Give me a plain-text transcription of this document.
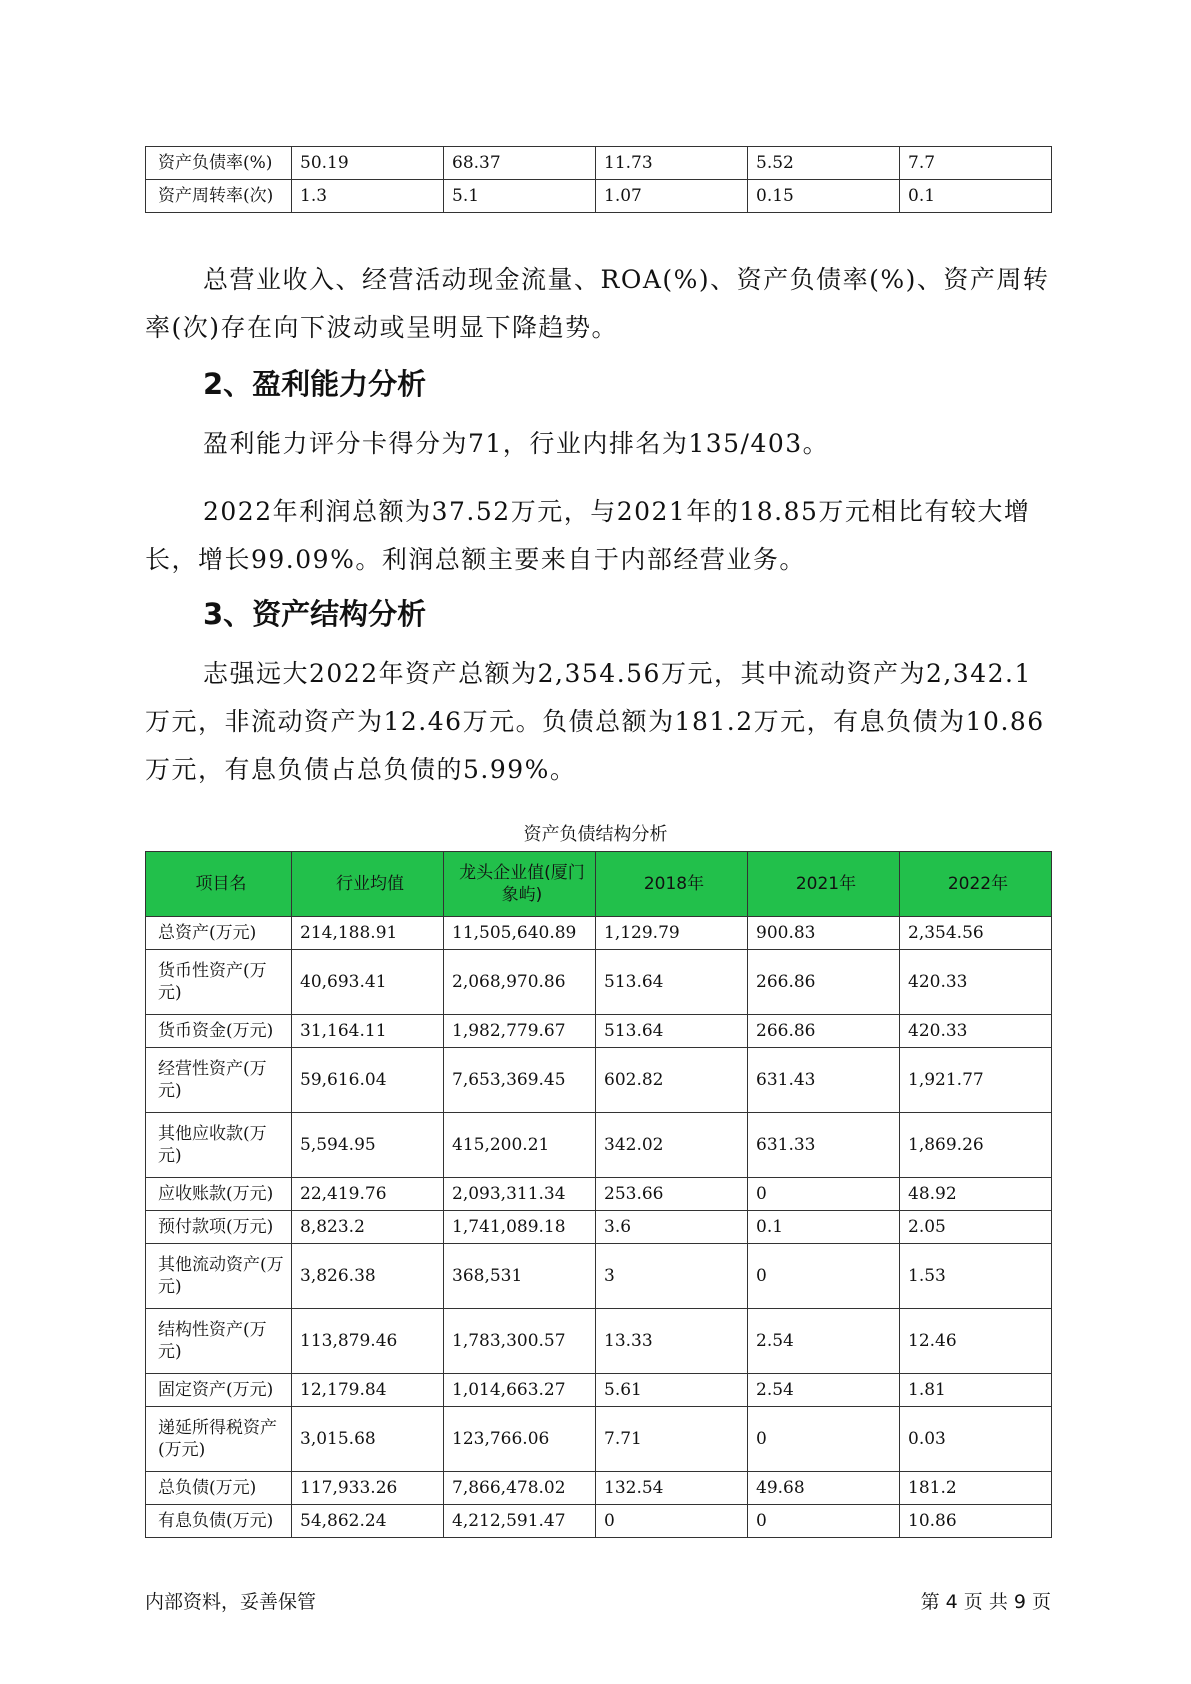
资产负债率(%)	50.19	68.37	11.73	5.52	7.7
资产周转率(次)	1.3	5.1	1.07	0.15	0.1

总营业收入、经营活动现金流量、ROA(%)、资产负债率(%)、资产周转率(次)存在向下波动或呈明显下降趋势。

2、盈利能力分析

盈利能力评分卡得分为71，行业内排名为135/403。

2022年利润总额为37.52万元，与2021年的18.85万元相比有较大增长，增长99.09%。利润总额主要来自于内部经营业务。

3、资产结构分析

志强远大2022年资产总额为2,354.56万元，其中流动资产为2,342.1万元，非流动资产为12.46万元。负债总额为181.2万元，有息负债为10.86万元，有息负债占总负债的5.99%。

资产负债结构分析
项目名	行业均值	龙头企业值(厦门象屿)	2018年	2021年	2022年
总资产(万元)	214,188.91	11,505,640.89	1,129.79	900.83	2,354.56
货币性资产(万元)	40,693.41	2,068,970.86	513.64	266.86	420.33
货币资金(万元)	31,164.11	1,982,779.67	513.64	266.86	420.33
经营性资产(万元)	59,616.04	7,653,369.45	602.82	631.43	1,921.77
其他应收款(万元)	5,594.95	415,200.21	342.02	631.33	1,869.26
应收账款(万元)	22,419.76	2,093,311.34	253.66	0	48.92
预付款项(万元)	8,823.2	1,741,089.18	3.6	0.1	2.05
其他流动资产(万元)	3,826.38	368,531	3	0	1.53
结构性资产(万元)	113,879.46	1,783,300.57	13.33	2.54	12.46
固定资产(万元)	12,179.84	1,014,663.27	5.61	2.54	1.81
递延所得税资产(万元)	3,015.68	123,766.06	7.71	0	0.03
总负债(万元)	117,933.26	7,866,478.02	132.54	49.68	181.2
有息负债(万元)	54,862.24	4,212,591.47	0	0	10.86
内部资料，妥善保管	第 4 页 共 9 页
